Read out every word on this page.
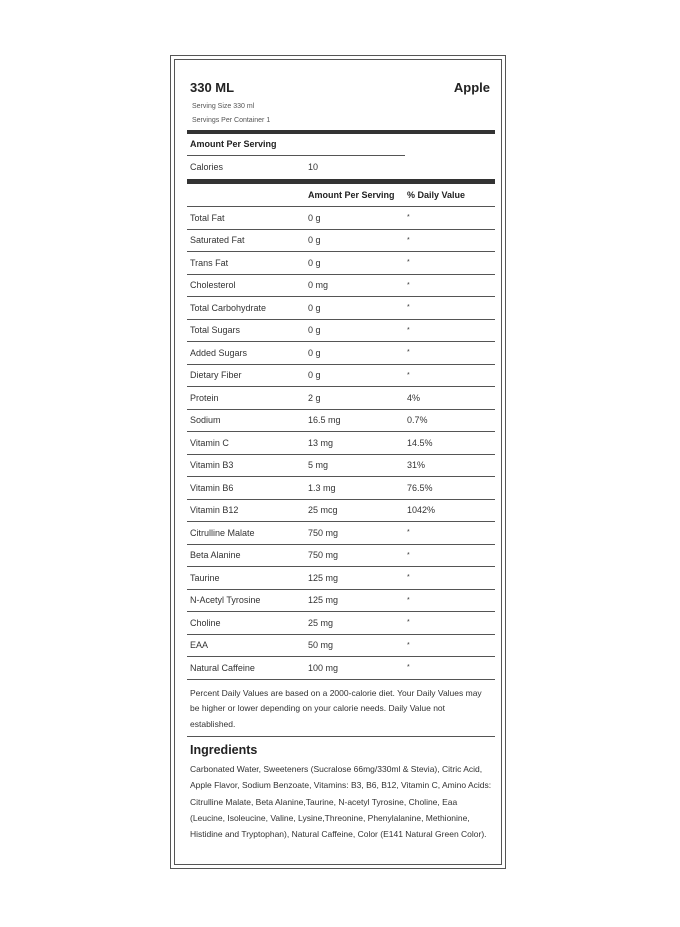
330 ML	Apple
Serving Size 330 ml
Servings Per Container 1
Amount Per Serving
Calories	10
	Amount Per Serving	% Daily Value
Total Fat	0 g	*
Saturated Fat	0 g	*
Trans Fat	0 g	*
Cholesterol	0 mg	*
Total Carbohydrate	0 g	*
Total Sugars	0 g	*
Added Sugars	0 g	*
Dietary Fiber	0 g	*
Protein	2 g	4%
Sodium	16.5 mg	0.7%
Vitamin C	13 mg	14.5%
Vitamin B3	5 mg	31%
Vitamin B6	1.3 mg	76.5%
Vitamin B12	25 mcg	1042%
Citrulline Malate	750 mg	*
Beta Alanine	750 mg	*
Taurine	125 mg	*
N-Acetyl Tyrosine	125 mg	*
Choline	25 mg	*
EAA	50 mg	*
Natural Caffeine	100 mg	*
Percent Daily Values are based on a 2000-calorie diet. Your Daily Values may be higher or lower depending on your calorie needs. Daily Value not established.
Ingredients
Carbonated Water, Sweeteners (Sucralose 66mg/330ml & Stevia), Citric Acid, Apple Flavor, Sodium Benzoate, Vitamins: B3, B6, B12, Vitamin C, Amino Acids: Citrulline Malate, Beta Alanine,Taurine, N-acetyl Tyrosine, Choline, Eaa (Leucine, Isoleucine, Valine, Lysine,Threonine, Phenylalanine, Methionine, Histidine and Tryptophan), Natural Caffeine, Color (E141 Natural Green Color).
